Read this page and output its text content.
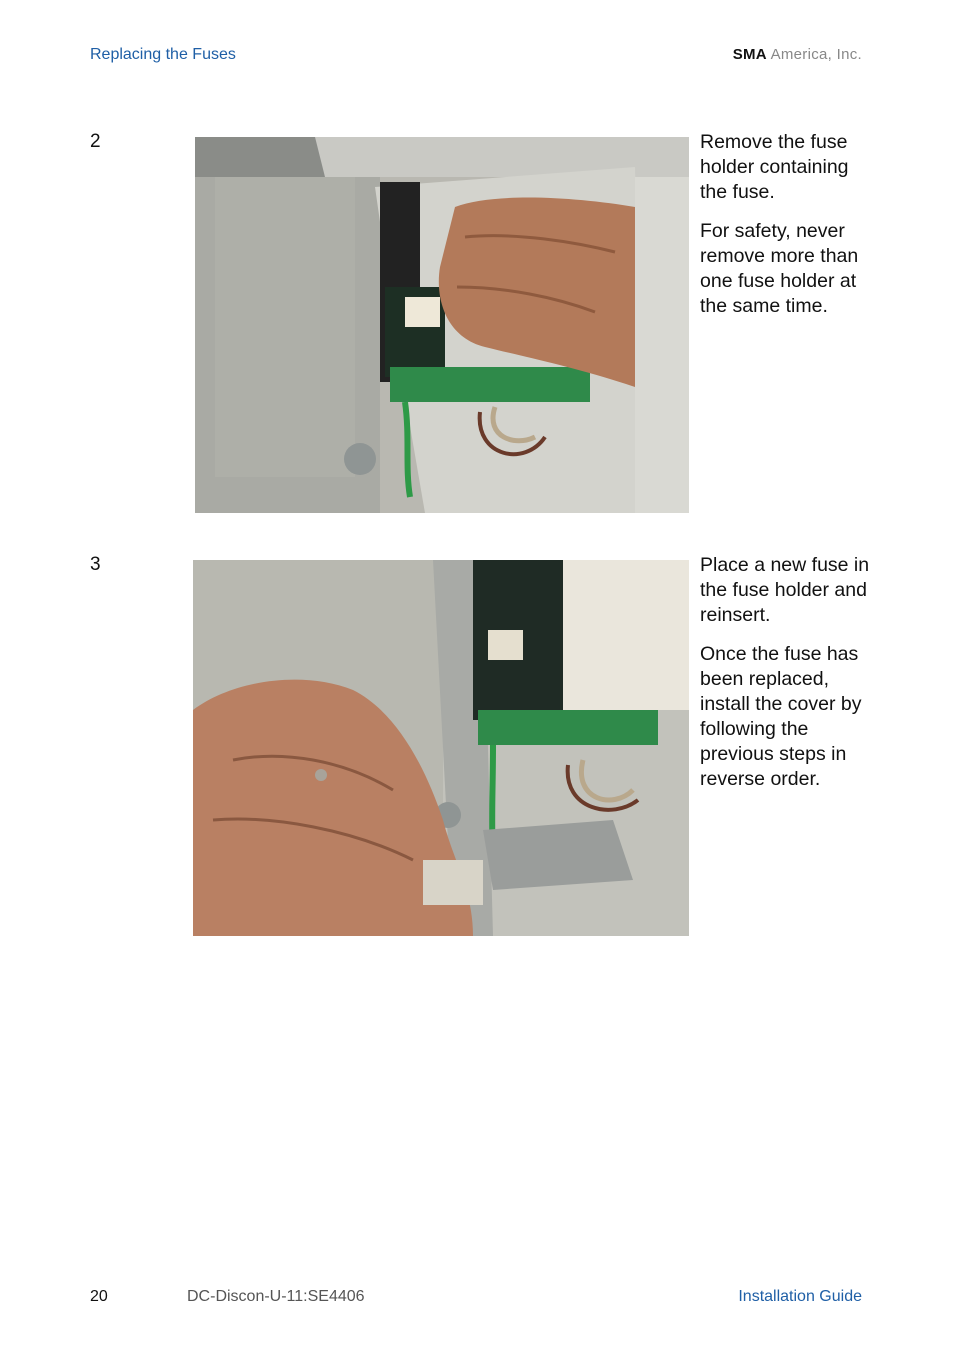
Replacing the Fuses	SMA America, Inc.
2	Remove the fuse holder containing the fuse.

For safety, never remove more than one fuse holder at the same time.

3	Place a new fuse in the fuse holder and reinsert.

Once the fuse has been replaced, install the cover by following the previous steps in reverse order.

20	DC-Discon-U-11:SE4406	Installation Guide
